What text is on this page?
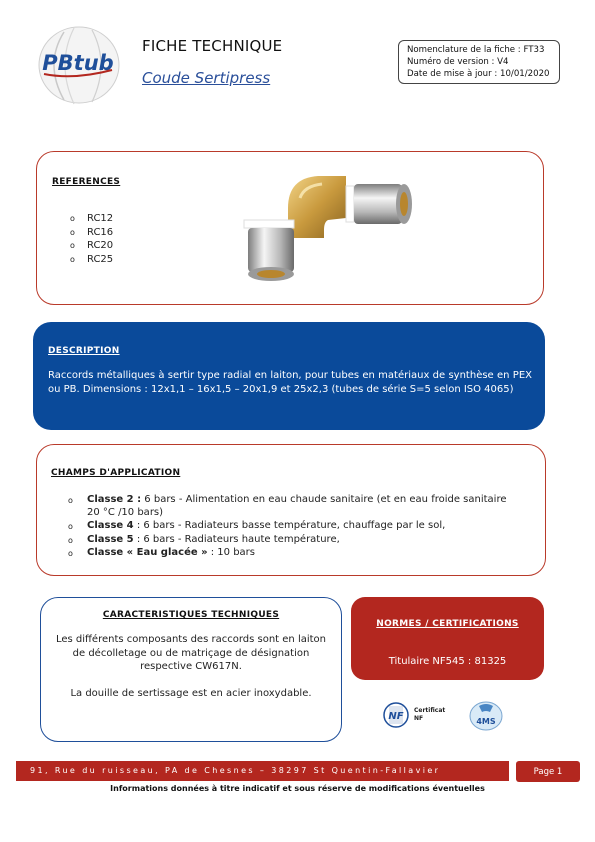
PBtub
FICHE TECHNIQUE
Coude Sertipress
Nomenclature de la fiche : FT33
Numéro de version : V4
Date de mise à jour : 10/01/2020
REFERENCES
o RC12
o RC16
o RC20
o RC25
DESCRIPTION
Raccords métalliques à sertir type radial en laiton, pour tubes en matériaux de synthèse en PEX ou PB. Dimensions : 12x1,1 – 16x1,5 – 20x1,9 et 25x2,3 (tubes de série S=5 selon ISO 4065)
CHAMPS D'APPLICATION
o Classe 2 : 6 bars - Alimentation en eau chaude sanitaire (et en eau froide sanitaire 20 °C /10 bars)
o Classe 4 : 6 bars - Radiateurs basse température, chauffage par le sol,
o Classe 5 : 6 bars - Radiateurs haute température,
o Classe « Eau glacée » : 10 bars
CARACTERISTIQUES TECHNIQUES
Les différents composants des raccords sont en laiton de décolletage ou de matriçage de désignation respective CW617N.
La douille de sertissage est en acier inoxydable.
NORMES / CERTIFICATIONS
Titulaire NF545 : 81325
NF
Certificat
NF	4MS
91, Rue du ruisseau, PA de Chesnes – 38297 St Quentin-Fallavier	Page 1
Informations données à titre indicatif et sous réserve de modifications éventuelles
